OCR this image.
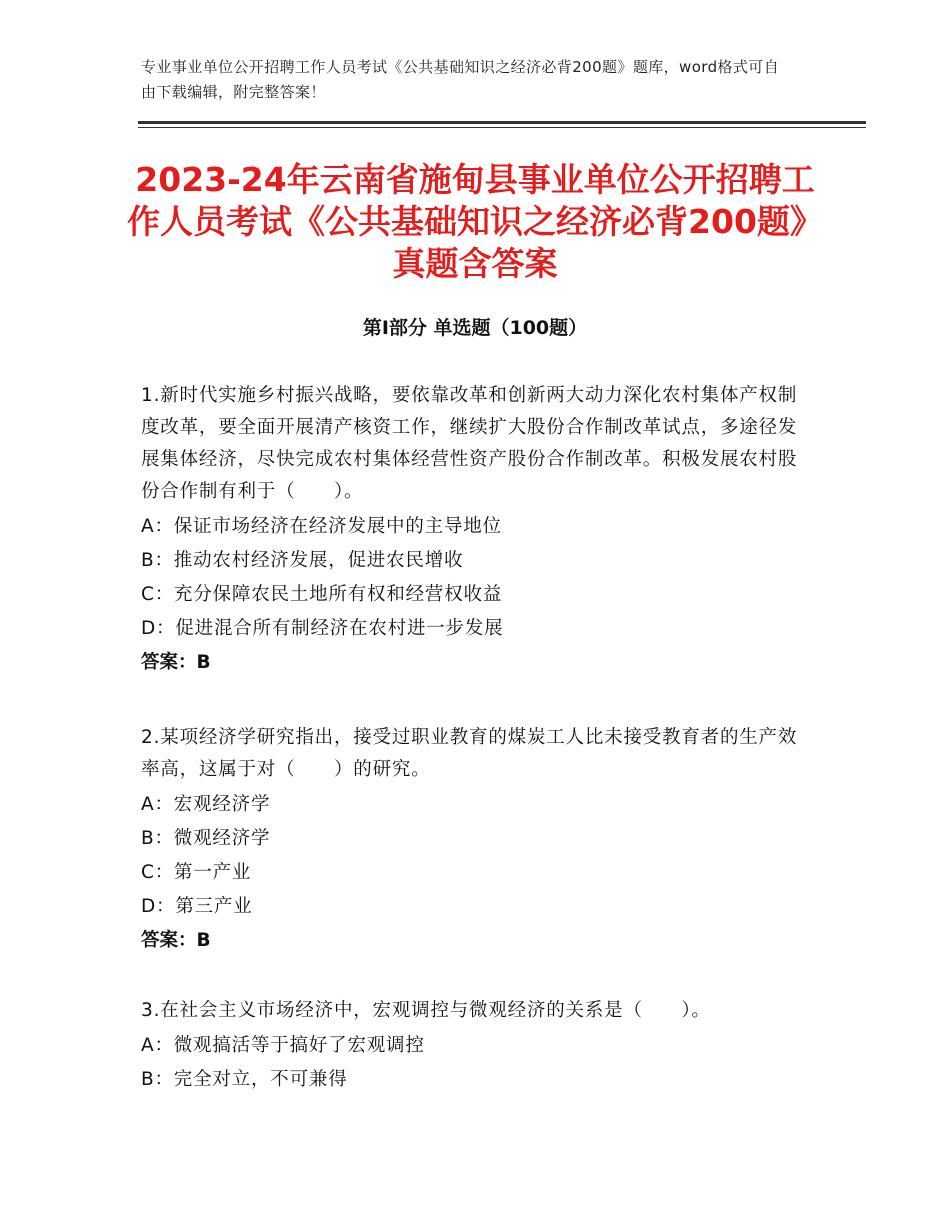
专业事业单位公开招聘工作人员考试《公共基础知识之经济必背200题》题库，word格式可自由下载编辑，附完整答案！
2023-24年云南省施甸县事业单位公开招聘工作人员考试《公共基础知识之经济必背200题》真题含答案
第Ⅰ部分 单选题（100题）

1.新时代实施乡村振兴战略，要依靠改革和创新两大动力深化农村集体产权制度改革，要全面开展清产核资工作，继续扩大股份合作制改革试点，多途径发展集体经济，尽快完成农村集体经营性资产股份合作制改革。积极发展农村股份合作制有利于（　　）。

A：保证市场经济在经济发展中的主导地位

B：推动农村经济发展，促进农民增收

C：充分保障农民土地所有权和经营权收益

D：促进混合所有制经济在农村进一步发展

答案：B

2.某项经济学研究指出，接受过职业教育的煤炭工人比未接受教育者的生产效率高，这属于对（　　）的研究。

A：宏观经济学

B：微观经济学

C：第一产业

D：第三产业

答案：B

3.在社会主义市场经济中，宏观调控与微观经济的关系是（　　）。

A：微观搞活等于搞好了宏观调控

B：完全对立，不可兼得
